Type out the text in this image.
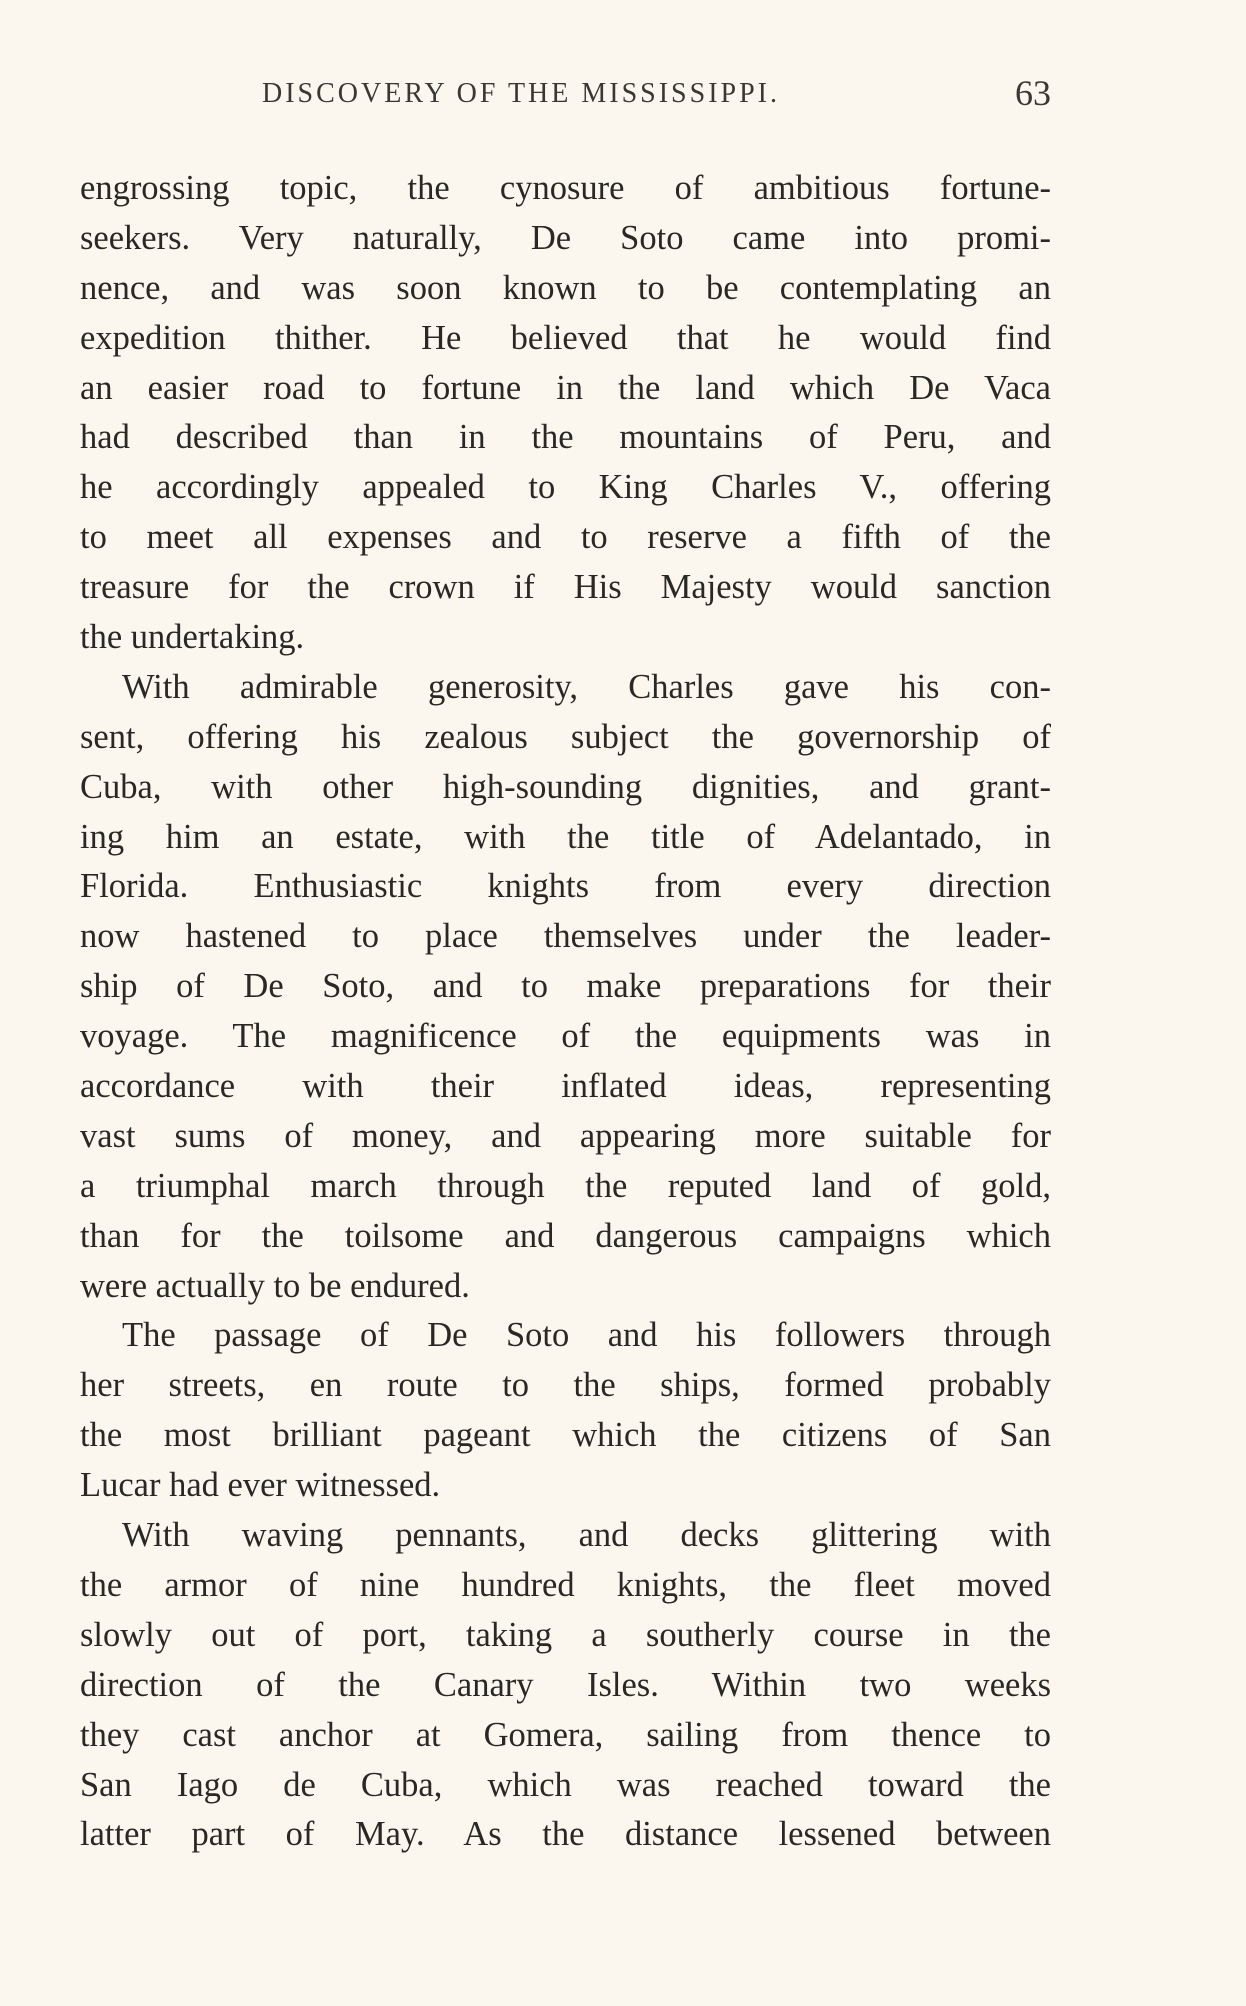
DISCOVERY OF THE MISSISSIPPI.	63
engrossing topic, the cynosure of ambitious fortune-
seekers. Very naturally, De Soto came into promi-
nence, and was soon known to be contemplating an
expedition thither. He believed that he would find
an easier road to fortune in the land which De Vaca
had described than in the mountains of Peru, and
he accordingly appealed to King Charles V., offering
to meet all expenses and to reserve a fifth of the
treasure for the crown if His Majesty would sanction
the undertaking.
With admirable generosity, Charles gave his con-
sent, offering his zealous subject the governorship of
Cuba, with other high-sounding dignities, and grant-
ing him an estate, with the title of Adelantado, in
Florida. Enthusiastic knights from every direction
now hastened to place themselves under the leader-
ship of De Soto, and to make preparations for their
voyage. The magnificence of the equipments was in
accordance with their inflated ideas, representing
vast sums of money, and appearing more suitable for
a triumphal march through the reputed land of gold,
than for the toilsome and dangerous campaigns which
were actually to be endured.
The passage of De Soto and his followers through
her streets, en route to the ships, formed probably
the most brilliant pageant which the citizens of San
Lucar had ever witnessed.
With waving pennants, and decks glittering with
the armor of nine hundred knights, the fleet moved
slowly out of port, taking a southerly course in the
direction of the Canary Isles. Within two weeks
they cast anchor at Gomera, sailing from thence to
San Iago de Cuba, which was reached toward the
latter part of May. As the distance lessened between
